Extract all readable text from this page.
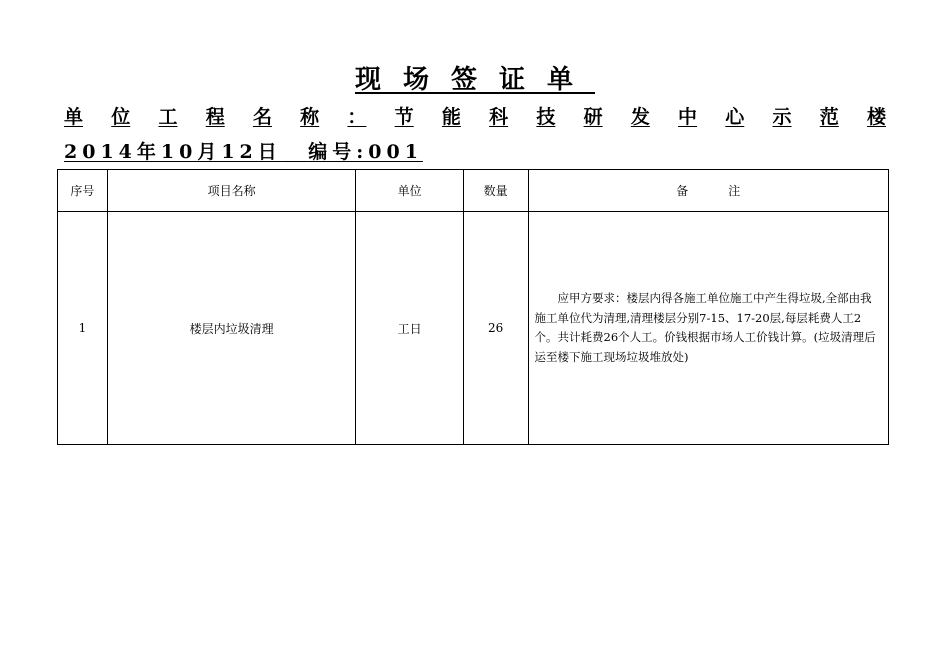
现场签证单
单 位 工 程 名 称 ： 节 能 科 技 研 发 中 心 示 范 楼
2014年10月12日 编号:001
序号	项目名称	单位	数量	备注
1	楼层内垃圾清理	工日	26	应甲方要求：楼层内得各施工单位施工中产生得垃圾,全部由我施工单位代为清理,清理楼层分别7-15、17-20层,每层耗费人工2个。共计耗费26个人工。价钱根据市场人工价钱计算。(垃圾清理后运至楼下施工现场垃圾堆放处)
